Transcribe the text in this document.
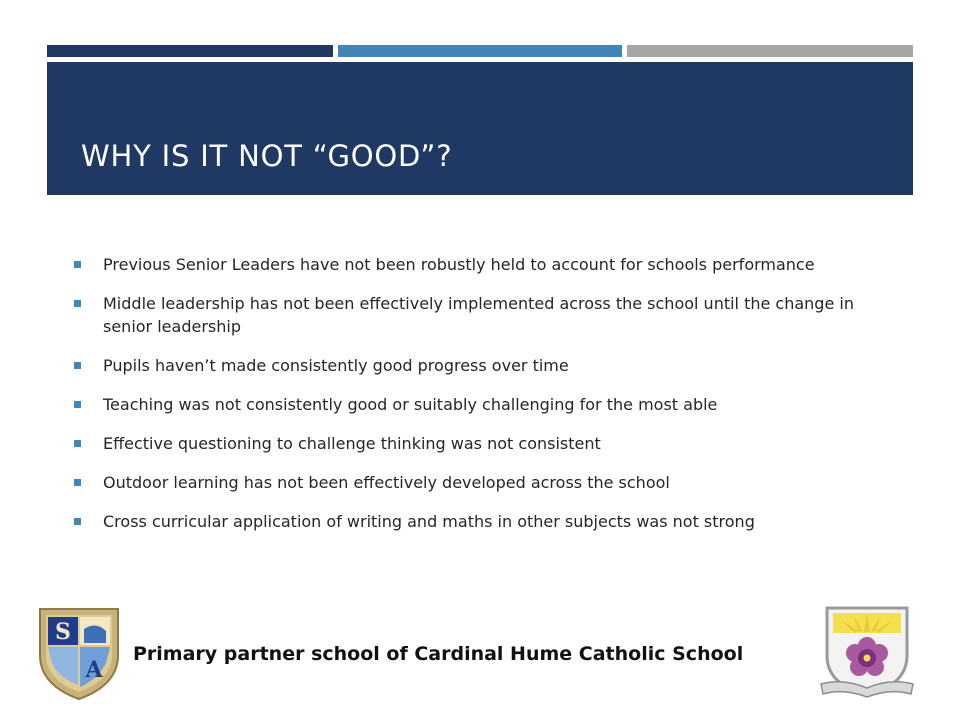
WHY IS IT NOT “GOOD”?
Previous Senior Leaders have not been robustly held to account for schools performance
Middle leadership has not been effectively implemented across the school until the change in senior leadership
Pupils haven’t made consistently good progress over time
Teaching was not consistently good or suitably challenging for the most able
Effective questioning to challenge thinking was not consistent
Outdoor learning has not been effectively developed across the school
Cross curricular application of writing and maths in other subjects was not strong
S
A
Primary partner school of Cardinal Hume Catholic School
